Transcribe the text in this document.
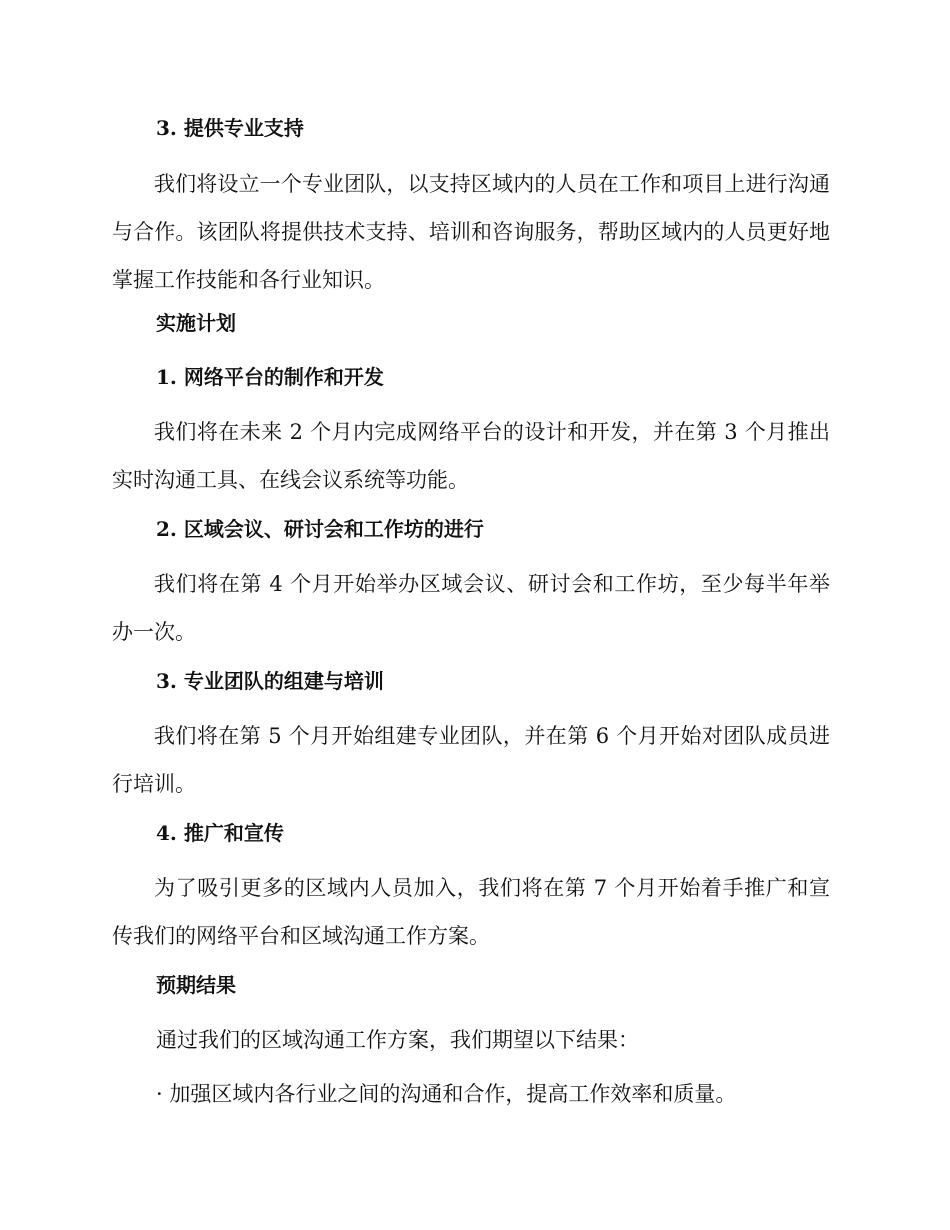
3. 提供专业支持
我们将设立一个专业团队，以支持区域内的人员在工作和项目上进行沟通与合作。该团队将提供技术支持、培训和咨询服务，帮助区域内的人员更好地掌握工作技能和各行业知识。
实施计划
1. 网络平台的制作和开发
我们将在未来 2 个月内完成网络平台的设计和开发，并在第 3 个月推出实时沟通工具、在线会议系统等功能。
2. 区域会议、研讨会和工作坊的进行
我们将在第 4 个月开始举办区域会议、研讨会和工作坊，至少每半年举办一次。
3. 专业团队的组建与培训
我们将在第 5 个月开始组建专业团队，并在第 6 个月开始对团队成员进行培训。
4. 推广和宣传
为了吸引更多的区域内人员加入，我们将在第 7 个月开始着手推广和宣传我们的网络平台和区域沟通工作方案。
预期结果
通过我们的区域沟通工作方案，我们期望以下结果：
· 加强区域内各行业之间的沟通和合作，提高工作效率和质量。
